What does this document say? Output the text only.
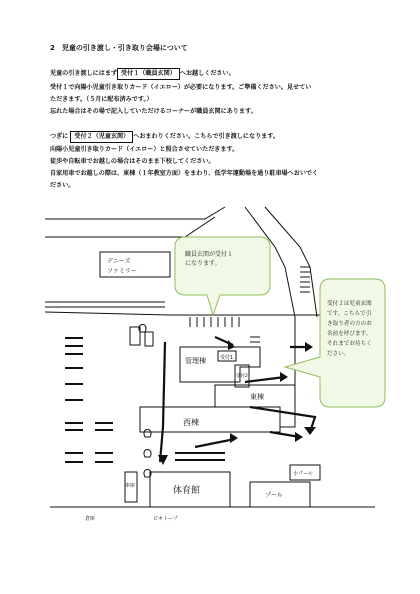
2　児童の引き渡し・引き取り会場について
児童の引き渡しにはまず 受付１（職員玄関） へお越しください。
受付１で向陽小児童引き取りカード（イエロー）が必要になります。ご準備ください。見せてい
ただきます。（５月に配布済みです。）
忘れた場合はその場で記入していただけるコーナーが職員玄関にあります。
つぎに 受付２（児童玄関） へおまわりください。こちらで引き渡しになります。
向陽小児童引き取りカード（イエロー）と照合させていただきます。
徒歩や自転車でお越しの場合はそのまま下校してください。
自家用車でお越しの際は、東棟（１年教室方面）をまわり、低学年運動場を通り駐車場へおいでく
ださい。
デニーズ
ファミリー
管理棟	受付1
受付2
西棟
東棟
体育館	プール
小プール
倉庫	ビオトープ
車庫
職員玄関が受付１
になります。
受付２は児童玄関
です。こちらで引
き取り者の方のお
名前を呼びます。
それまでお待ちく
ださい。
